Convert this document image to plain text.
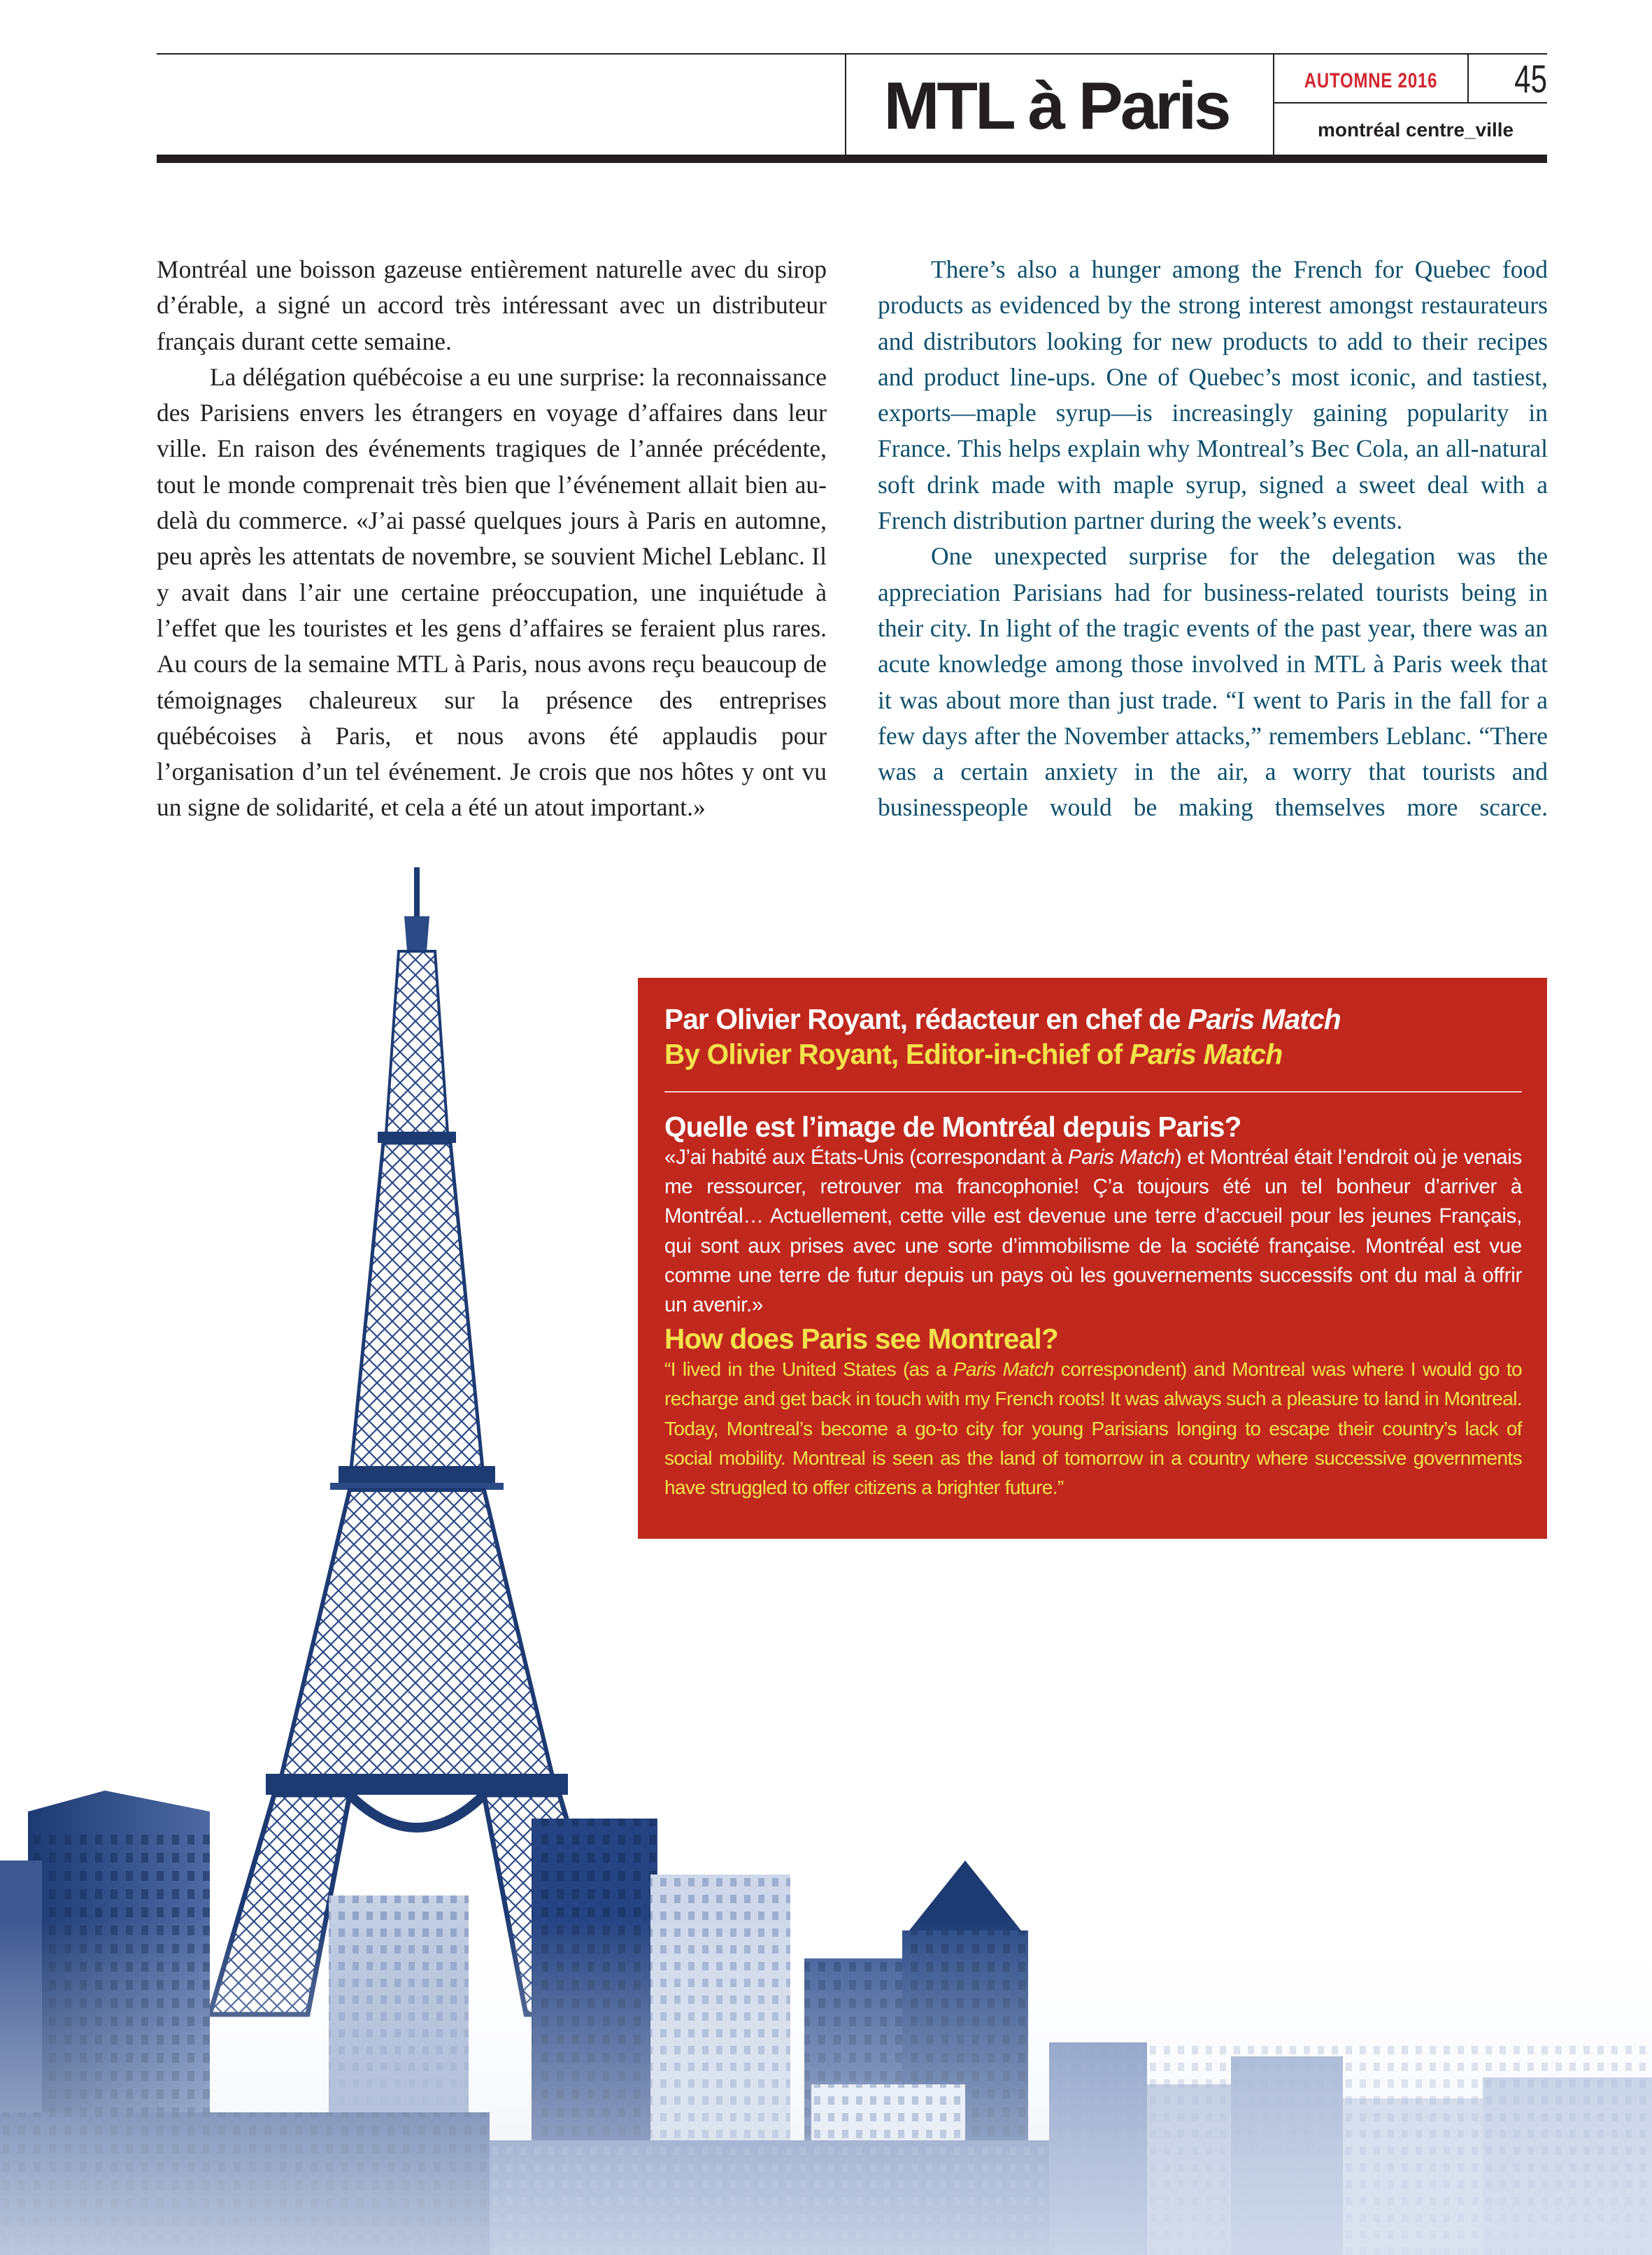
MTL à Paris	AUTOMNE 2016	45
montréal centre_ville

Montréal une boisson gazeuse entièrement naturelle avec du sirop d’érable, a signé un accord très intéressant avec un distributeur français durant cette semaine.

La délégation québécoise a eu une surprise: la reconnaissance des Parisiens envers les étrangers en voyage d’affaires dans leur ville. En raison des événements tragiques de l’année précédente, tout le monde comprenait très bien que l’événement allait bien au-delà du commerce. «J’ai passé quelques jours à Paris en automne, peu après les attentats de novembre, se souvient Michel Leblanc. Il y avait dans l’air une certaine préoccupation, une inquiétude à l’effet que les touristes et les gens d’affaires se feraient plus rares. Au cours de la semaine MTL à Paris, nous avons reçu beaucoup de témoignages chaleureux sur la présence des entreprises québécoises à Paris, et nous avons été applaudis pour l’organisation d’un tel événement. Je crois que nos hôtes y ont vu un signe de solidarité, et cela a été un atout important.»

There’s also a hunger among the French for Quebec food products as evidenced by the strong interest amongst restaurateurs and distributors looking for new products to add to their recipes and product line-ups. One of Quebec’s most iconic, and tastiest, exports—maple syrup—is increasingly gaining popularity in France. This helps explain why Montreal’s Bec Cola, an all-natural soft drink made with maple syrup, signed a sweet deal with a French distribution partner during the week’s events.

One unexpected surprise for the delegation was the appreciation Parisians had for business-related tourists being in their city. In light of the tragic events of the past year, there was an acute knowledge among those involved in MTL à Paris week that it was about more than just trade. “I went to Paris in the fall for a few days after the November attacks,” remembers Leblanc. “There was a certain anxiety in the air, a worry that tourists and businesspeople would be making themselves more scarce.

Par Olivier Royant, rédacteur en chef de Paris Match
By Olivier Royant, Editor-in-chief of Paris Match
Quelle est l’image de Montréal depuis Paris?
«J’ai habité aux États-Unis (correspondant à Paris Match) et Montréal était l’endroit où je venais me ressourcer, retrouver ma francophonie! Ç’a toujours été un tel bonheur d’arriver à Montréal… Actuellement, cette ville est devenue une terre d’accueil pour les jeunes Français, qui sont aux prises avec une sorte d’immobilisme de la société française. Montréal est vue comme une terre de futur depuis un pays où les gouvernements successifs ont du mal à offrir un avenir.»
How does Paris see Montreal?
“I lived in the United States (as a Paris Match correspondent) and Montreal was where I would go to recharge and get back in touch with my French roots! It was always such a pleasure to land in Montreal. Today, Montreal’s become a go-to city for young Parisians longing to escape their country’s lack of social mobility. Montreal is seen as the land of tomorrow in a country where successive governments have struggled to offer citizens a brighter future.”
